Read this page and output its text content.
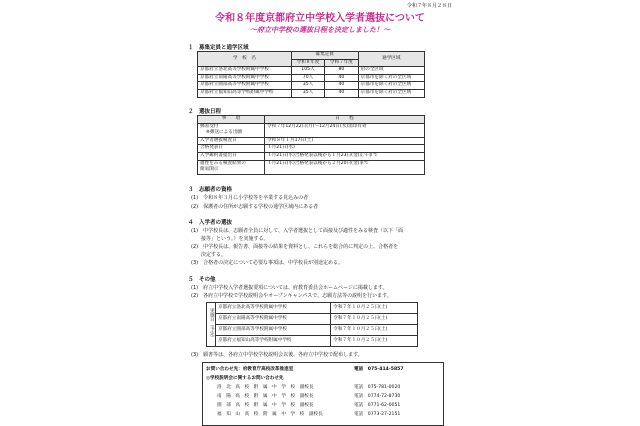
令和７年８月２８日
令和８年度京都府立中学校入学者選抜について
～府立中学校の選抜日程を決定しました！～
１　募集定員と通学区域
学　校　名	募集定員		通学区域
	令和８年度	令和７年度	
京都府立洛北高等学校附属中学校	105人	80	府の全区域
京都府立南陽高等学校附属中学校	70人	40	京都市を除く府の全区域
京都府立園部高等学校附属中学校	35人	40	京都市を除く府の全区域
京都府立福知山高等学校附属中学校	35人	40	京都市を除く府の全区域
２　選抜日程
事　　項	日　　程
郵書受付	令和７年12月22日(月)～12月24日(水)消印有効
※郵送による出願	
入学者選抜検査日	令和８年１月17日(土)
合格発表日	１月21日(水)
入学確約書提出日	１月21日(水)合格発表以後から１月23日(金)正午まで
適性をみる検査結果の	１月21日(水)合格発表以後から２月20日(金)まで
簡易開示	
３　志願者の資格
(1)　令和８年３月に小学校等を卒業する見込みの者
(2)　保護者の住所が志願する学校の通学区域内にある者
４　入学者の選抜
(1)　中学校長は、志願者全員に対して、入学者選抜として面接及び適性をみる検査（以下「面
　　接等」という。）を実施する。
(2)　中学校長は、報告書、面接等の結果を資料とし、これらを総合的に判定の上、合格者を
　　決定する。
(3)　合格者の決定について必要な事項は、中学校長が別途定める。
５　その他
(1)　府立中学校入学者選抜要項については、府教育委員会ホームページに掲載します。
(2)　各府立中学校で学校説明会やオープンキャンパスで、志願方法等の説明を行います。
実施日（予定）	京都府立洛北高等学校附属中学校	令和７年１０月２５日(土)
	京都府立南陽高等学校附属中学校	令和７年１０月２５日(土)
	京都府立園部高等学校附属中学校	令和７年１０月２５日(土)
	京都府立福知山高等学校附属中学校	令和７年１０月２５日(土)
(3)　願書等は、各府立中学校学校説明会以後、各府立中学校で配布します。
お問い合わせ先：府教育庁高校改革推進室	電話　075-414-5857
◎学校説明会に関するお問い合わせ先
洛　北　高　校　附　属　中　学　校　副校長	電話　075-781-0020
南　陽　高　校　附　属　中　学　校　副校長	電話　0774-72-8730
園　部　高　校　附　属　中　学　校　副校長	電話　0771-62-0051
福　知　山　高　校　附　属　中　学　校　副校長	電話　0773-27-2151
